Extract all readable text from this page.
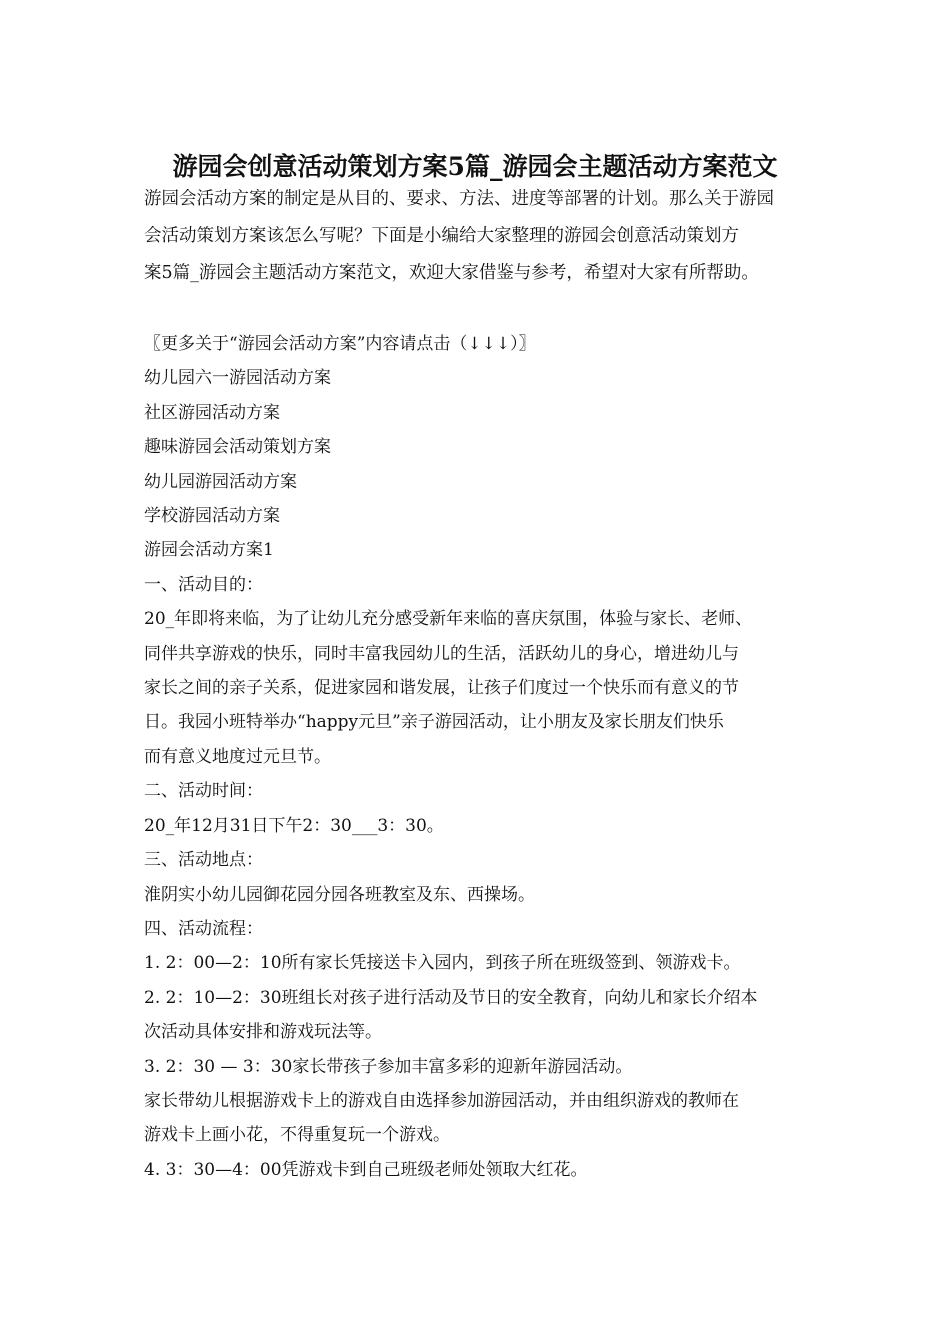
游园会创意活动策划方案5篇_游园会主题活动方案范文

游园会活动方案的制定是从目的、要求、方法、进度等部署的计划。那么关于游园

会活动策划方案该怎么写呢？下面是小编给大家整理的游园会创意活动策划方

案5篇_游园会主题活动方案范文，欢迎大家借鉴与参考，希望对大家有所帮助。

〖更多关于“游园会活动方案”内容请点击（↓↓↓）〗

幼儿园六一游园活动方案

社区游园活动方案

趣味游园会活动策划方案

幼儿园游园活动方案

学校游园活动方案

游园会活动方案1

一、活动目的：

20_年即将来临，为了让幼儿充分感受新年来临的喜庆氛围，体验与家长、老师、

同伴共享游戏的快乐，同时丰富我园幼儿的生活，活跃幼儿的身心，增进幼儿与

家长之间的亲子关系，促进家园和谐发展，让孩子们度过一个快乐而有意义的节

日。我园小班特举办“happy元旦”亲子游园活动，让小朋友及家长朋友们快乐

而有意义地度过元旦节。

二、活动时间：

20_年12月31日下午2：30___3：30。

三、活动地点：

淮阴实小幼儿园御花园分园各班教室及东、西操场。

四、活动流程：

1. 2：00—2：10所有家长凭接送卡入园内，到孩子所在班级签到、领游戏卡。

2. 2：10—2：30班组长对孩子进行活动及节日的安全教育，向幼儿和家长介绍本

次活动具体安排和游戏玩法等。

3. 2：30 — 3：30家长带孩子参加丰富多彩的迎新年游园活动。

家长带幼儿根据游戏卡上的游戏自由选择参加游园活动，并由组织游戏的教师在

游戏卡上画小花，不得重复玩一个游戏。

4. 3：30—4：00凭游戏卡到自己班级老师处领取大红花。
